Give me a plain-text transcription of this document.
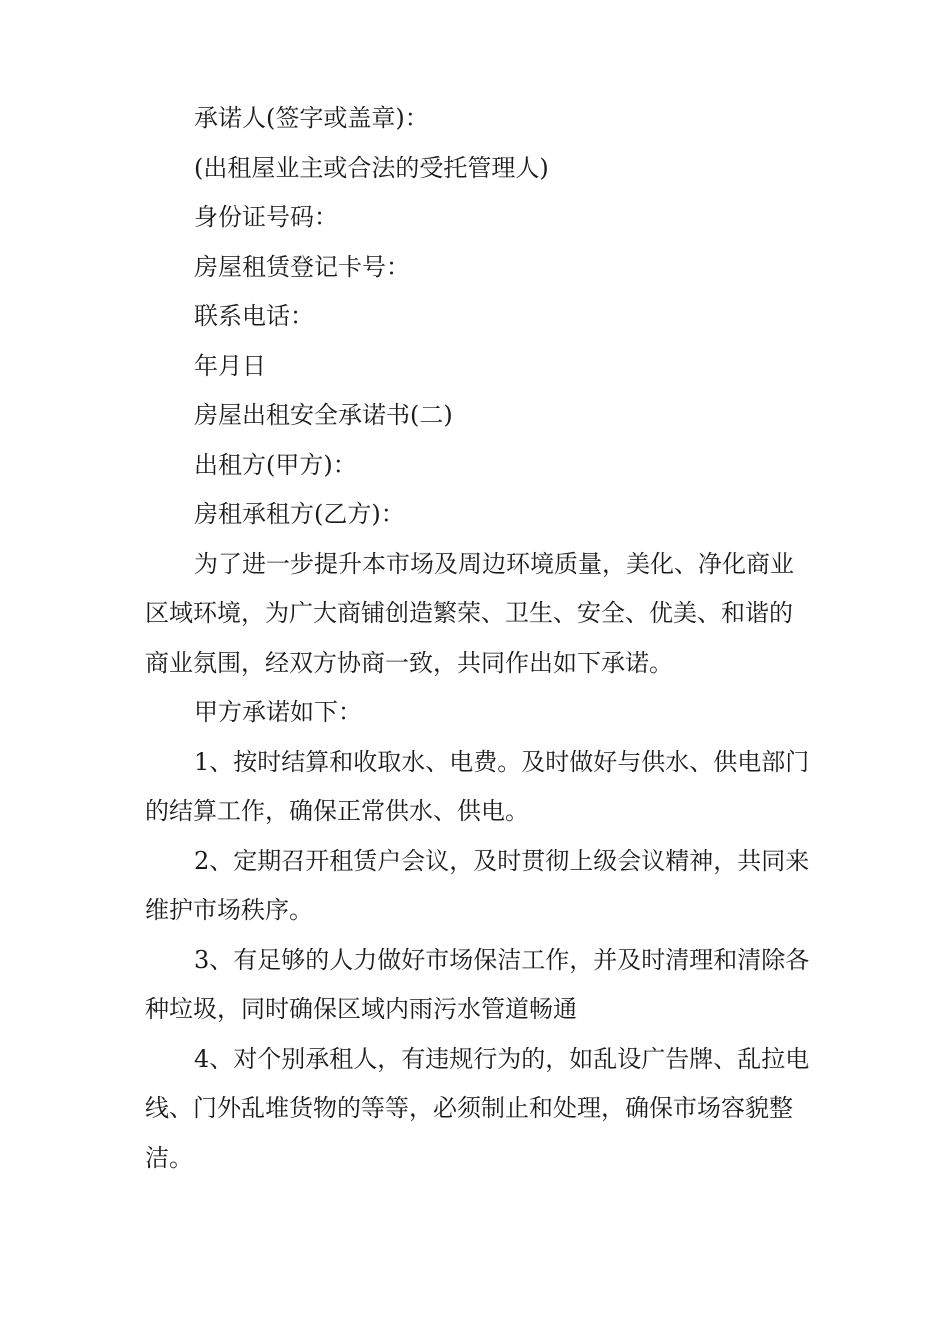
承诺人(签字或盖章)：

(出租屋业主或合法的受托管理人)

身份证号码：

房屋租赁登记卡号：

联系电话：

年月日

房屋出租安全承诺书(二)

出租方(甲方)：

房租承租方(乙方)：

为了进一步提升本市场及周边环境质量，美化、净化商业区域环境，为广大商铺创造繁荣、卫生、安全、优美、和谐的商业氛围，经双方协商一致，共同作出如下承诺。

甲方承诺如下：

1、按时结算和收取水、电费。及时做好与供水、供电部门的结算工作，确保正常供水、供电。

2、定期召开租赁户会议，及时贯彻上级会议精神，共同来维护市场秩序。

3、有足够的人力做好市场保洁工作，并及时清理和清除各种垃圾，同时确保区域内雨污水管道畅通

4、对个别承租人，有违规行为的，如乱设广告牌、乱拉电线、门外乱堆货物的等等，必须制止和处理，确保市场容貌整洁。
